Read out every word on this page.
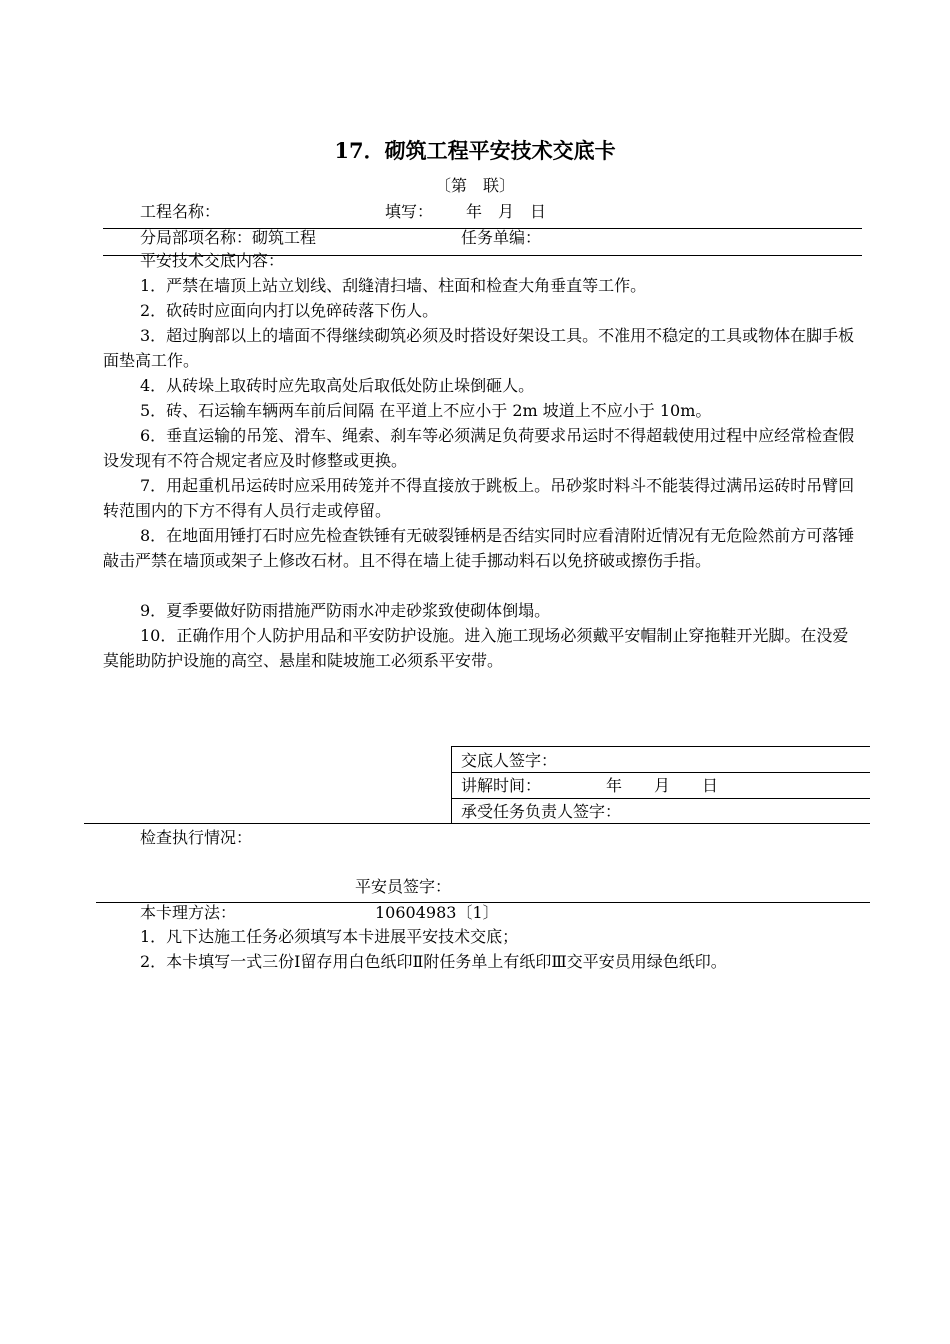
17．砌筑工程平安技术交底卡
〔第　联〕
工程名称：	填写： 年　月　日
分局部项名称：砌筑工程	任务单编：
平安技术交底内容：
1．严禁在墙顶上站立划线、刮缝清扫墙、柱面和检查大角垂直等工作。
2．砍砖时应面向内打以免碎砖落下伤人。
3．超过胸部以上的墙面不得继续砌筑必须及时搭设好架设工具。不准用不稳定的工具或物体在脚手板面垫高工作。
4．从砖垛上取砖时应先取高处后取低处防止垛倒砸人。
5．砖、石运输车辆两车前后间隔 在平道上不应小于 2m 坡道上不应小于 10m。
6．垂直运输的吊笼、滑车、绳索、刹车等必须满足负荷要求吊运时不得超载使用过程中应经常检查假设发现有不符合规定者应及时修整或更换。
7．用起重机吊运砖时应采用砖笼并不得直接放于跳板上。吊砂浆时料斗不能装得过满吊运砖时吊臂回转范围内的下方不得有人员行走或停留。
8．在地面用锤打石时应先检查铁锤有无破裂锤柄是否结实同时应看清附近情况有无危险然前方可落锤敲击严禁在墙顶或架子上修改石材。且不得在墙上徒手挪动料石以免挤破或擦伤手指。
9．夏季要做好防雨措施严防雨水冲走砂浆致使砌体倒塌。
10．正确作用个人防护用品和平安防护设施。进入施工现场必须戴平安帽制止穿拖鞋开光脚。在没爱莫能助防护设施的高空、悬崖和陡坡施工必须系平安带。
交底人签字：
讲解时间：	年　　月　　日
承受任务负责人签字：
检查执行情况：
平安员签字：
本卡理方法：	10604983〔1〕
1．凡下达施工任务必须填写本卡进展平安技术交底；
2．本卡填写一式三份Ⅰ留存用白色纸印Ⅱ附任务单上有纸印Ⅲ交平安员用绿色纸印。
